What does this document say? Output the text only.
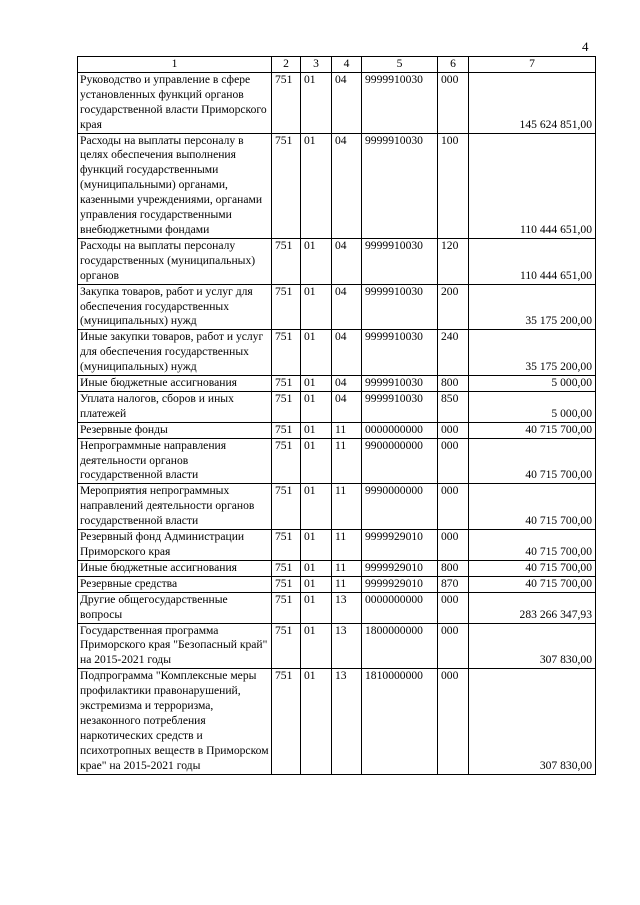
4
1	2	3	4	5	6	7
Руководство и управление в сфере установленных функций органов государственной власти Приморского края	751	01	04	9999910030	000	145 624 851,00
Расходы на выплаты персоналу в целях обеспечения выполнения функций государственными (муниципальными) органами, казенными учреждениями, органами управления государственными внебюджетными фондами	751	01	04	9999910030	100	110 444 651,00
Расходы на выплаты персоналу государственных (муниципальных) органов	751	01	04	9999910030	120	110 444 651,00
Закупка товаров, работ и услуг для обеспечения государственных (муниципальных) нужд	751	01	04	9999910030	200	35 175 200,00
Иные закупки товаров, работ и услуг для обеспечения государственных (муниципальных) нужд	751	01	04	9999910030	240	35 175 200,00
Иные бюджетные ассигнования	751	01	04	9999910030	800	5 000,00
Уплата налогов, сборов и иных платежей	751	01	04	9999910030	850	5 000,00
Резервные фонды	751	01	11	0000000000	000	40 715 700,00
Непрограммные направления деятельности органов государственной власти	751	01	11	9900000000	000	40 715 700,00
Мероприятия непрограммных направлений деятельности органов государственной власти	751	01	11	9990000000	000	40 715 700,00
Резервный фонд Администрации Приморского края	751	01	11	9999929010	000	40 715 700,00
Иные бюджетные ассигнования	751	01	11	9999929010	800	40 715 700,00
Резервные средства	751	01	11	9999929010	870	40 715 700,00
Другие общегосударственные вопросы	751	01	13	0000000000	000	283 266 347,93
Государственная программа Приморского края "Безопасный край" на 2015-2021 годы	751	01	13	1800000000	000	307 830,00
Подпрограмма "Комплексные меры профилактики правонарушений, экстремизма и терроризма, незаконного потребления наркотических средств и психотропных веществ в Приморском крае" на 2015-2021 годы	751	01	13	1810000000	000	307 830,00
